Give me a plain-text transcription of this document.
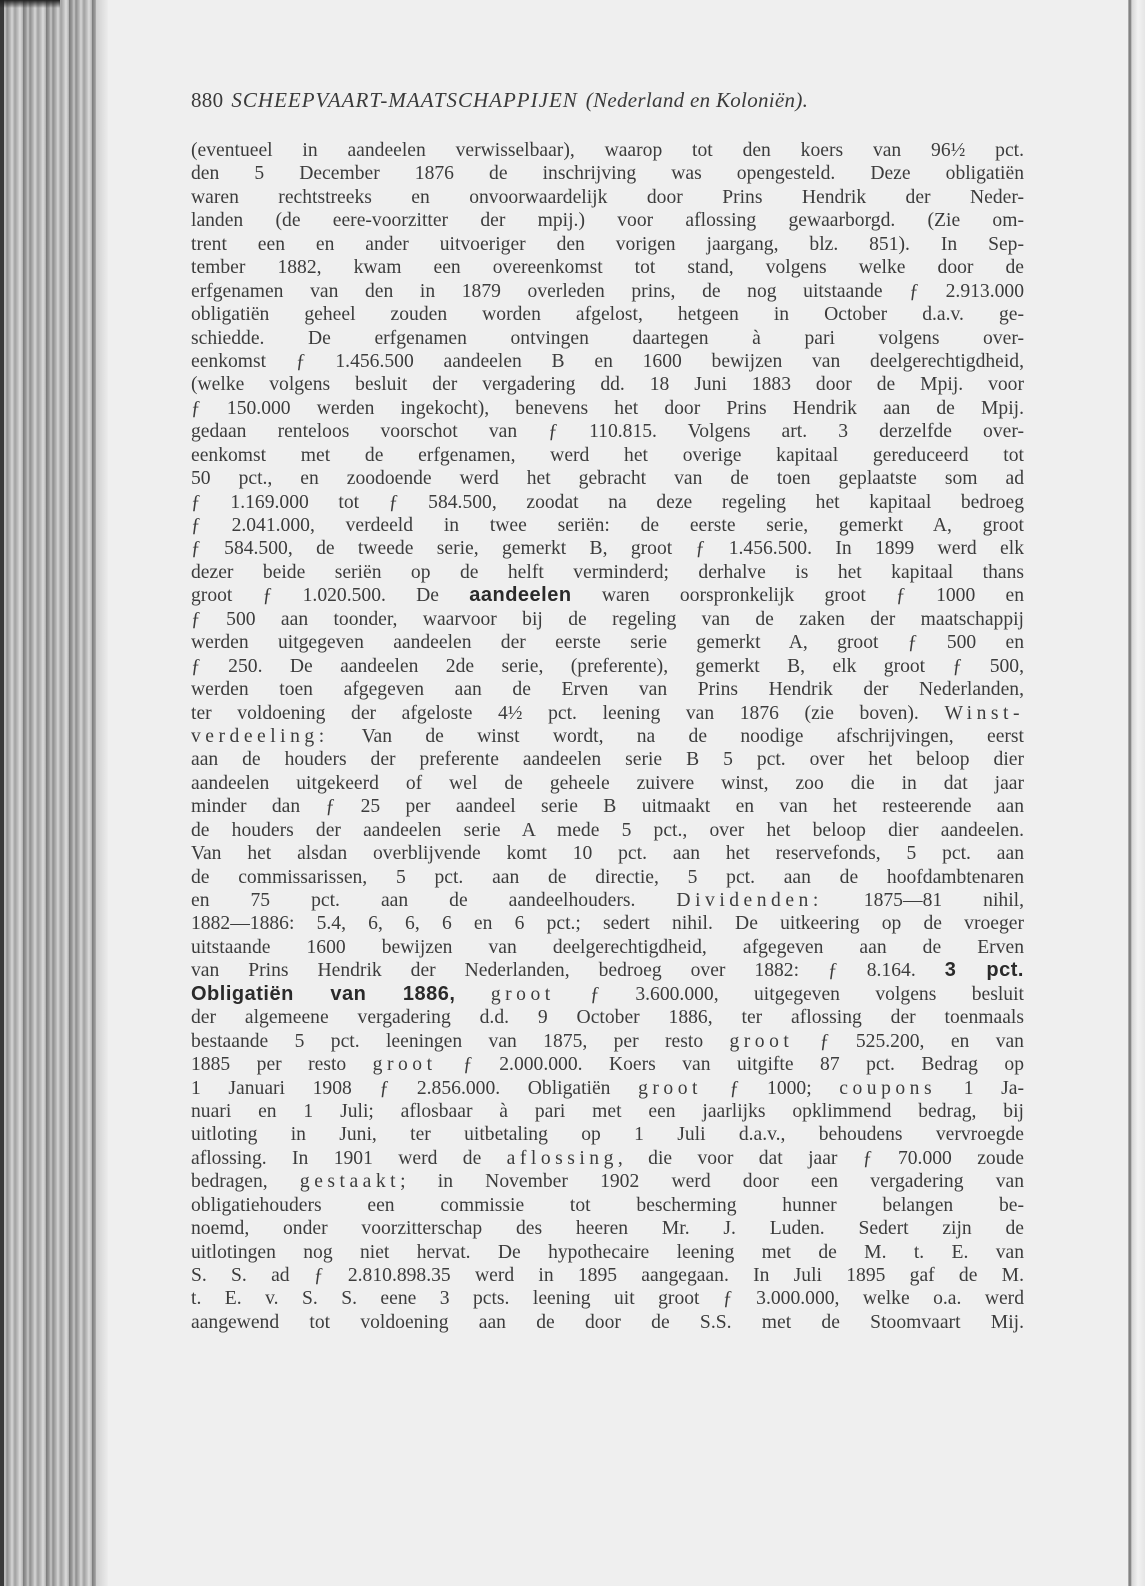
880 SCHEEPVAART-MAATSCHAPPIJEN (Nederland en Koloniën).
(eventueel in aandeelen verwisselbaar), waarop tot den koers van 96½ pct.
den 5 December 1876 de inschrijving was opengesteld. Deze obligatiën
waren rechtstreeks en onvoorwaardelijk door Prins Hendrik der Neder-
landen (de eere-voorzitter der mpij.) voor aflossing gewaarborgd. (Zie om-
trent een en ander uitvoeriger den vorigen jaargang, blz. 851). In Sep-
tember 1882, kwam een overeenkomst tot stand, volgens welke door de
erfgenamen van den in 1879 overleden prins, de nog uitstaande ƒ 2.913.000
obligatiën geheel zouden worden afgelost, hetgeen in October d.a.v. ge-
schiedde. De erfgenamen ontvingen daartegen à pari volgens over-
eenkomst ƒ 1.456.500 aandeelen B en 1600 bewijzen van deelgerechtigdheid,
(welke volgens besluit der vergadering dd. 18 Juni 1883 door de Mpij. voor
ƒ 150.000 werden ingekocht), benevens het door Prins Hendrik aan de Mpij.
gedaan renteloos voorschot van ƒ 110.815. Volgens art. 3 derzelfde over-
eenkomst met de erfgenamen, werd het overige kapitaal gereduceerd tot
50 pct., en zoodoende werd het gebracht van de toen geplaatste som ad
ƒ 1.169.000 tot ƒ 584.500, zoodat na deze regeling het kapitaal bedroeg
ƒ 2.041.000, verdeeld in twee seriën: de eerste serie, gemerkt A, groot
ƒ 584.500, de tweede serie, gemerkt B, groot ƒ 1.456.500. In 1899 werd elk
dezer beide seriën op de helft verminderd; derhalve is het kapitaal thans
groot ƒ 1.020.500. De aandeelen waren oorspronkelijk groot ƒ 1000 en
ƒ 500 aan toonder, waarvoor bij de regeling van de zaken der maatschappij
werden uitgegeven aandeelen der eerste serie gemerkt A, groot ƒ 500 en
ƒ 250. De aandeelen 2de serie, (preferente), gemerkt B, elk groot ƒ 500,
werden toen afgegeven aan de Erven van Prins Hendrik der Nederlanden,
ter voldoening der afgeloste 4½ pct. leening van 1876 (zie boven). Winst-
verdeeling: Van de winst wordt, na de noodige afschrijvingen, eerst
aan de houders der preferente aandeelen serie B 5 pct. over het beloop dier
aandeelen uitgekeerd of wel de geheele zuivere winst, zoo die in dat jaar
minder dan ƒ 25 per aandeel serie B uitmaakt en van het resteerende aan
de houders der aandeelen serie A mede 5 pct., over het beloop dier aandeelen.
Van het alsdan overblijvende komt 10 pct. aan het reservefonds, 5 pct. aan
de commissarissen, 5 pct. aan de directie, 5 pct. aan de hoofdambtenaren
en 75 pct. aan de aandeelhouders. Dividenden: 1875—81 nihil,
1882—1886: 5.4, 6, 6, 6 en 6 pct.; sedert nihil. De uitkeering op de vroeger
uitstaande 1600 bewijzen van deelgerechtigdheid, afgegeven aan de Erven
van Prins Hendrik der Nederlanden, bedroeg over 1882: ƒ 8.164. 3 pct.
Obligatiën van 1886, groot ƒ 3.600.000, uitgegeven volgens besluit
der algemeene vergadering d.d. 9 October 1886, ter aflossing der toenmaals
bestaande 5 pct. leeningen van 1875, per resto groot ƒ 525.200, en van
1885 per resto groot ƒ 2.000.000. Koers van uitgifte 87 pct. Bedrag op
1 Januari 1908 ƒ 2.856.000. Obligatiën groot ƒ 1000; coupons 1 Ja-
nuari en 1 Juli; aflosbaar à pari met een jaarlijks opklimmend bedrag, bij
uitloting in Juni, ter uitbetaling op 1 Juli d.a.v., behoudens vervroegde
aflossing. In 1901 werd de aflossing, die voor dat jaar ƒ 70.000 zoude
bedragen, gestaakt; in November 1902 werd door een vergadering van
obligatiehouders een commissie tot bescherming hunner belangen be-
noemd, onder voorzitterschap des heeren Mr. J. Luden. Sedert zijn de
uitlotingen nog niet hervat. De hypothecaire leening met de M. t. E. van
S. S. ad ƒ 2.810.898.35 werd in 1895 aangegaan. In Juli 1895 gaf de M.
t. E. v. S. S. eene 3 pcts. leening uit groot ƒ 3.000.000, welke o.a. werd
aangewend tot voldoening aan de door de S.S. met de Stoomvaart Mij.
